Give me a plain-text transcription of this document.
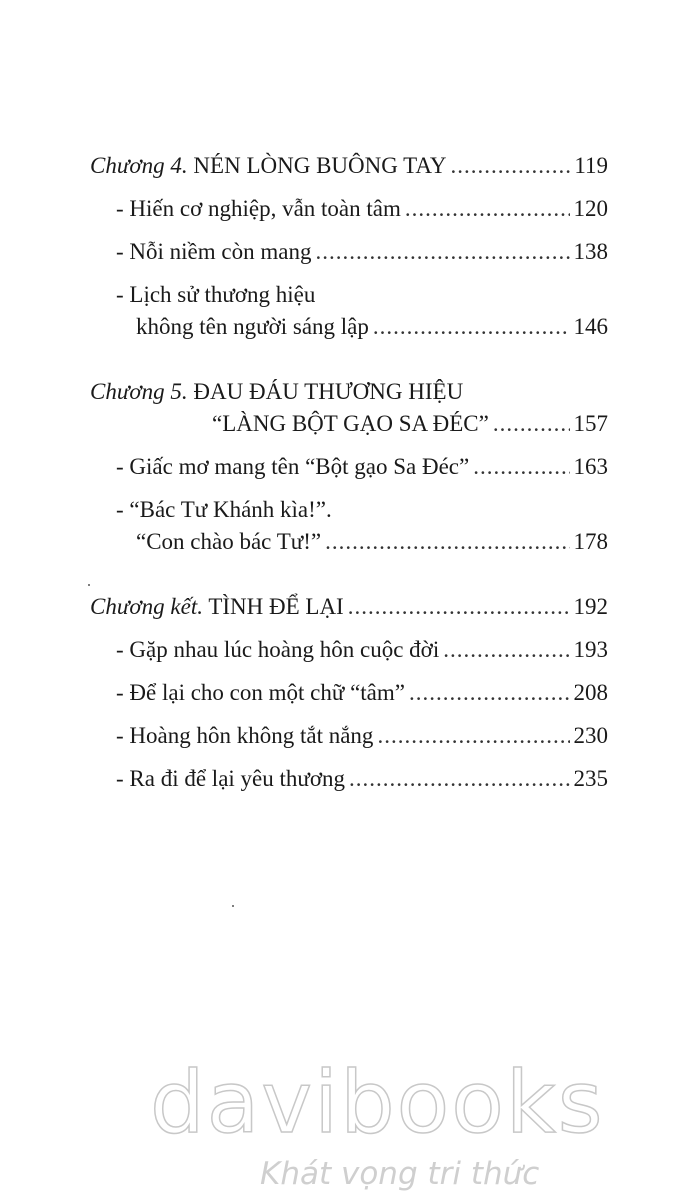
Chương 4. NÉN LÒNG BUÔNG TAY .....	119
- Hiến cơ nghiệp, vẫn toàn tâm .....	120
- Nỗi niềm còn mang .....	138
- Lịch sử thương hiệu
không tên người sáng lập .....	146
Chương 5. ĐAU ĐÁU THƯƠNG HIỆU
“LÀNG BỘT GẠO SA ĐÉC” .....	157
- Giấc mơ mang tên “Bột gạo Sa Đéc” .....	163
- “Bác Tư Khánh kìa!”.
“Con chào bác Tư!” .....	178
Chương kết. TÌNH ĐỂ LẠI .....	192
- Gặp nhau lúc hoàng hôn cuộc đời .....	193
- Để lại cho con một chữ “tâm” .....	208
- Hoàng hôn không tắt nắng .....	230
- Ra đi để lại yêu thương .....	235
davibooks
Khát vọng tri thức
